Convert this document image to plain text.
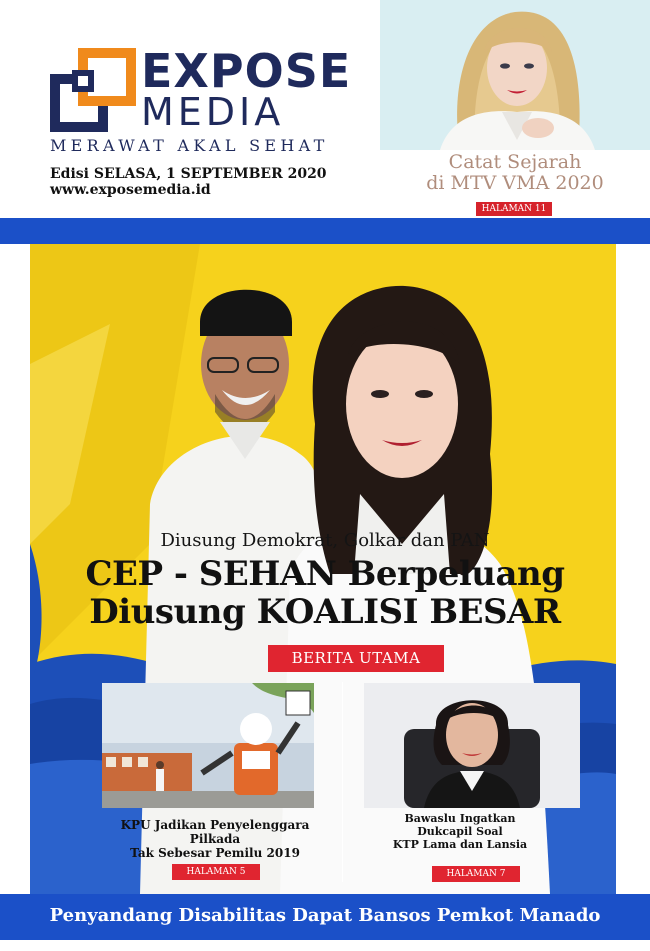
EXPOSE
MEDIA
MERAWAT AKAL SEHAT
Edisi SELASA, 1 SEPTEMBER 2020
www.exposemedia.id
Catat Sejarah
di MTV VMA 2020
HALAMAN 11
Diusung Demokrat, Golkar dan PAN
CEP - SEHAN Berpeluang
Diusung KOALISI BESAR
BERITA UTAMA
KPU Jadikan Penyelenggara Pilkada
Tak Sebesar Pemilu 2019
HALAMAN 5
Bawaslu Ingatkan
Dukcapil Soal
KTP Lama dan Lansia
HALAMAN 7
Penyandang Disabilitas Dapat Bansos Pemkot Manado
